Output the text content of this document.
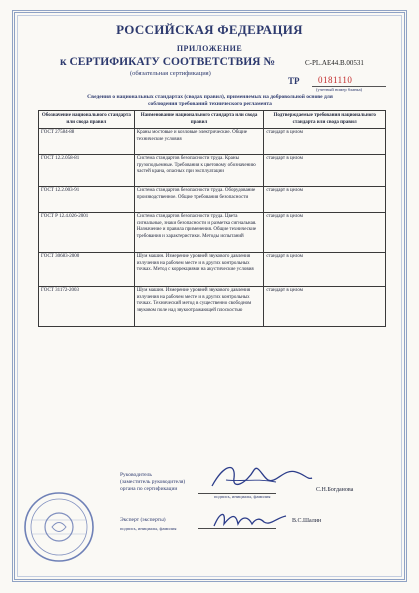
РОССИЙСКАЯ ФЕДЕРАЦИЯ
ПРИЛОЖЕНИЕ
к СЕРТИФИКАТУ СООТВЕТСТВИЯ №	С-PL.АЕ44.В.00531
(обязательная сертификация)
ТР 0181110
(учетный номер бланка)
Сведения о национальных стандартах (сводах правил), применяемых на добровольной основе для соблюдения требований технического регламента
Обозначение национального стандарта или свода правил	Наименование национального стандарта или свода правил	Подтверждаемые требования национального стандарта или свода правил
ГОСТ 27584-88	Краны мостовые и козловые электрические. Общие технические условия	стандарт в целом
ГОСТ 12.2.058-81	Система стандартов безопасности труда. Краны грузоподъемные. Требования к цветовому обозначению частей крана, опасных при эксплуатации	стандарт в целом
ГОСТ 12.2.003-91	Система стандартов безопасности труда. Оборудование производственное. Общие требования безопасности	стандарт в целом
ГОСТ Р 12.4.026-2001	Система стандартов безопасности труда. Цвета сигнальные, знаки безопасности и разметка сигнальная. Назначение и правила применения. Общие технические требования и характеристики. Методы испытаний	стандарт в целом
ГОСТ 30683-2000	Шум машин. Измерение уровней звукового давления излучения на рабочем месте и в других контрольных точках. Метод с коррекциями на акустические условия	стандарт в целом
ГОСТ 31172-2003	Шум машин. Измерение уровней звукового давления излучения на рабочем месте и в других контрольных точках. Технический метод в существенно свободном звуковом поле над звукоотражающей плоскостью	стандарт в целом
Руководитель
(заместитель руководителя)
органа по сертификации
подпись, инициалы, фамилия
С.Н.Богданова
Эксперт (эксперты)
подпись, инициалы, фамилия
В.С.Шалин
